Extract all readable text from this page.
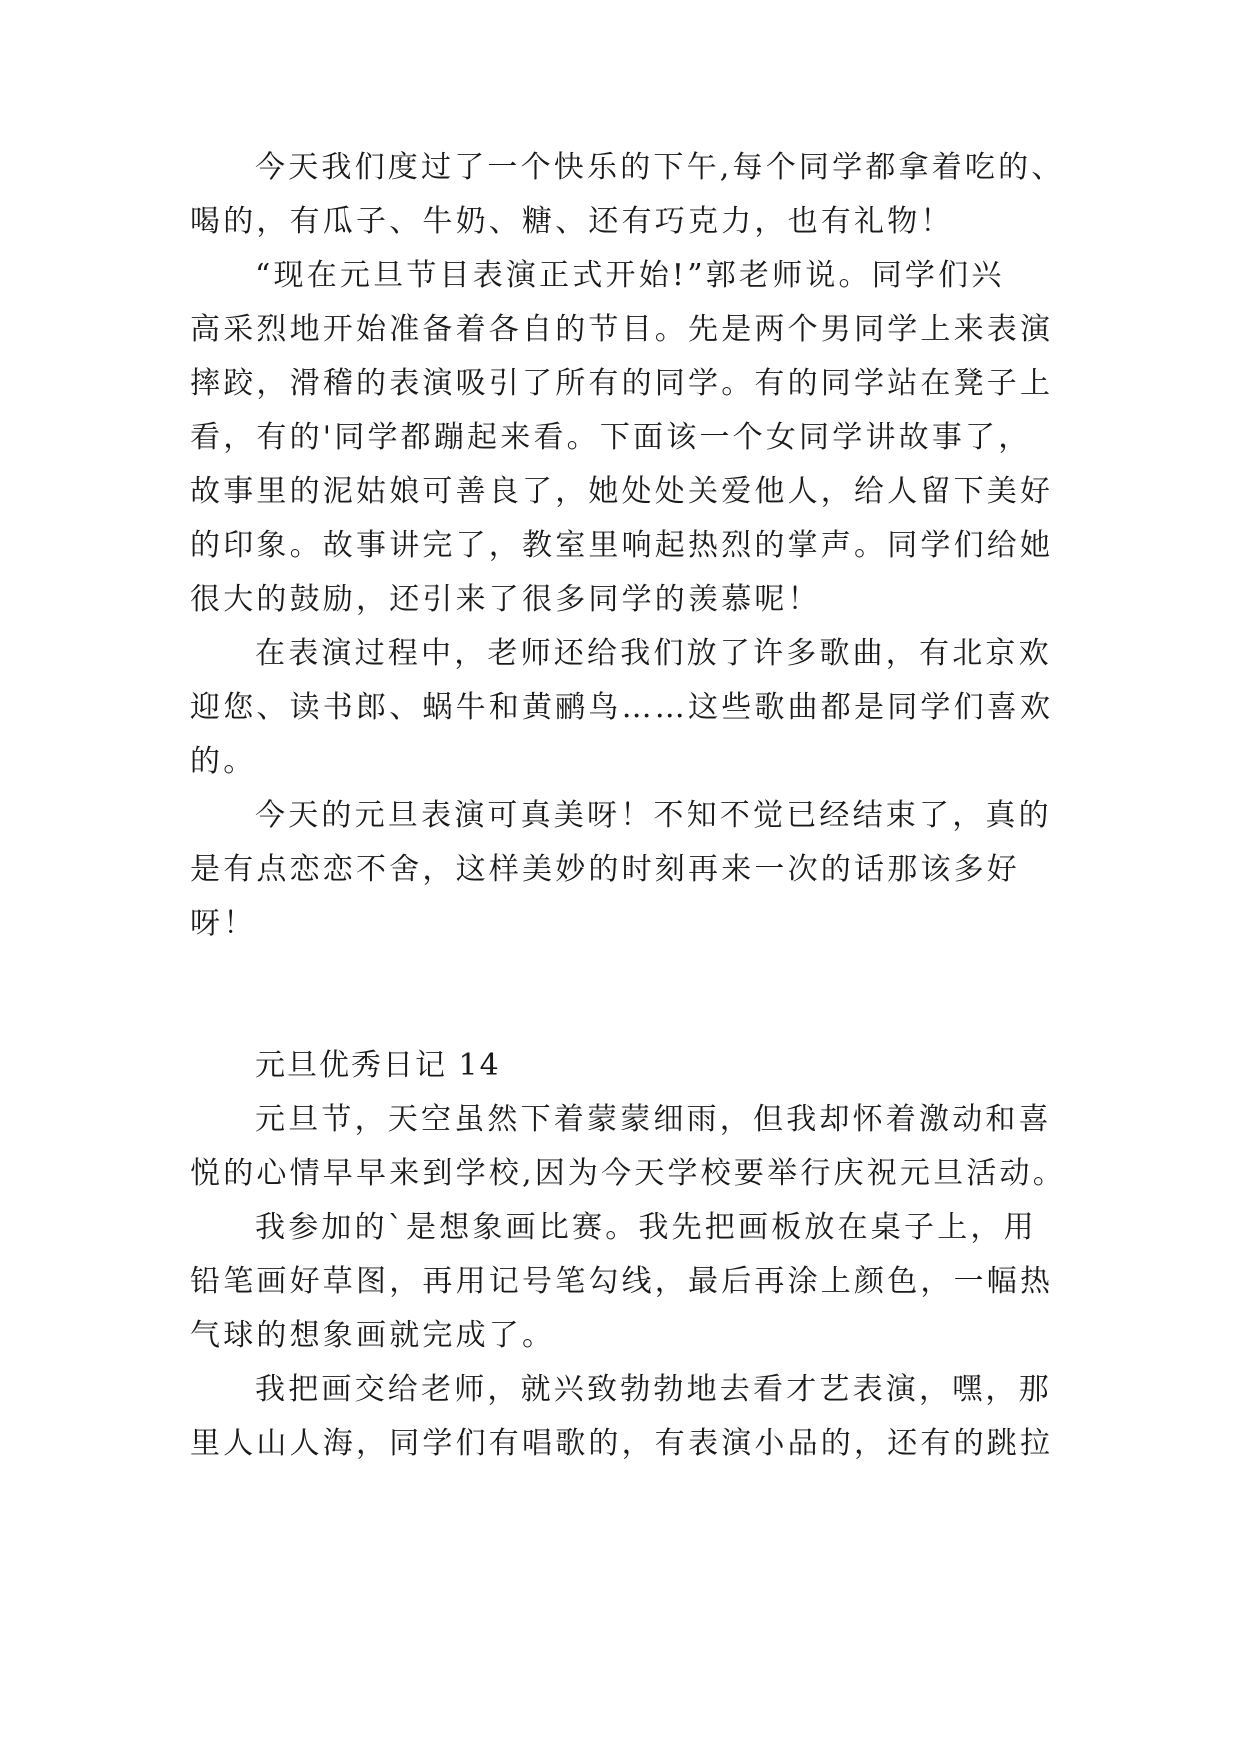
今天我们度过了一个快乐的下午,每个同学都拿着吃的、
喝的，有瓜子、牛奶、糖、还有巧克力，也有礼物！
“现在元旦节目表演正式开始!”郭老师说。同学们兴
高采烈地开始准备着各自的节目。先是两个男同学上来表演
摔跤，滑稽的表演吸引了所有的同学。有的同学站在凳子上
看，有的'同学都蹦起来看。下面该一个女同学讲故事了，
故事里的泥姑娘可善良了，她处处关爱他人，给人留下美好
的印象。故事讲完了，教室里响起热烈的掌声。同学们给她
很大的鼓励，还引来了很多同学的羡慕呢！
在表演过程中，老师还给我们放了许多歌曲，有北京欢
迎您、读书郎、蜗牛和黄鹂鸟……这些歌曲都是同学们喜欢
的。
今天的元旦表演可真美呀！不知不觉已经结束了，真的
是有点恋恋不舍，这样美妙的时刻再来一次的话那该多好
呀！
元旦优秀日记 14
元旦节，天空虽然下着蒙蒙细雨，但我却怀着激动和喜
悦的心情早早来到学校,因为今天学校要举行庆祝元旦活动。
我参加的`是想象画比赛。我先把画板放在桌子上，用
铅笔画好草图，再用记号笔勾线，最后再涂上颜色，一幅热
气球的想象画就完成了。
我把画交给老师，就兴致勃勃地去看才艺表演，嘿，那
里人山人海，同学们有唱歌的，有表演小品的，还有的跳拉
